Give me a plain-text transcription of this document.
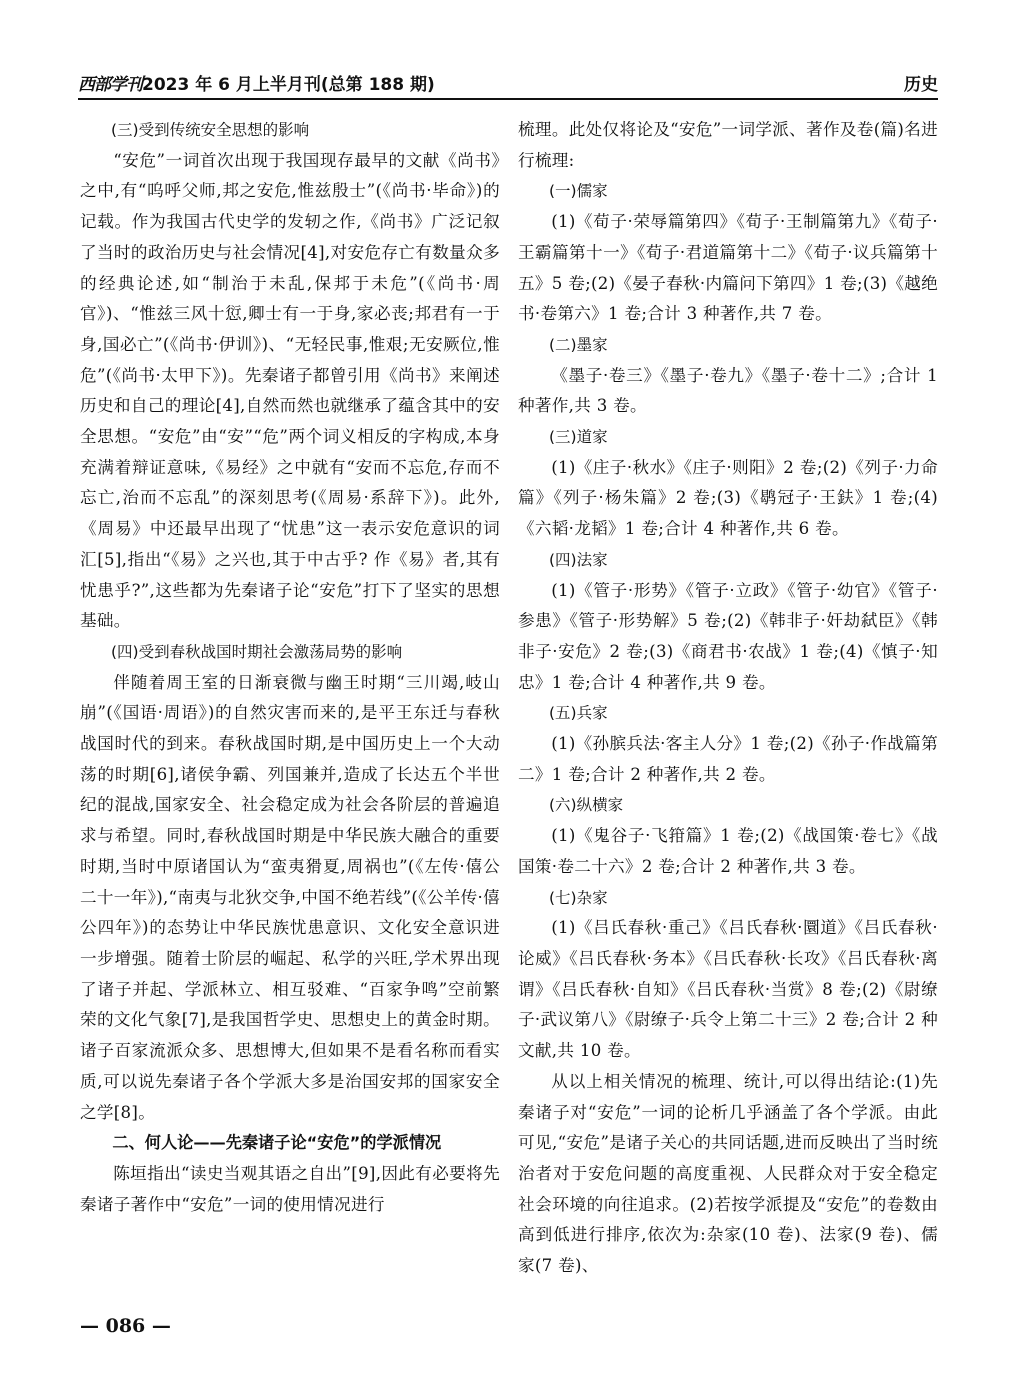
西部学刊2023 年 6 月上半月刊(总第 188 期)	历史

(三)受到传统安全思想的影响

“安危”一词首次出现于我国现存最早的文献《尚书》之中,有“呜呼父师,邦之安危,惟兹殷士”(《尚书·毕命》)的记载。作为我国古代史学的发轫之作,《尚书》广泛记叙了当时的政治历史与社会情况[4],对安危存亡有数量众多的经典论述,如“制治于未乱,保邦于未危”(《尚书·周官》)、“惟兹三风十愆,卿士有一于身,家必丧;邦君有一于身,国必亡”(《尚书·伊训》)、“无轻民事,惟艰;无安厥位,惟危”(《尚书·太甲下》)。先秦诸子都曾引用《尚书》来阐述历史和自己的理论[4],自然而然也就继承了蕴含其中的安全思想。“安危”由“安”“危”两个词义相反的字构成,本身充满着辩证意味,《易经》之中就有“安而不忘危,存而不忘亡,治而不忘乱”的深刻思考(《周易·系辞下》)。此外,《周易》中还最早出现了“忧患”这一表示安危意识的词汇[5],指出“《易》之兴也,其于中古乎? 作《易》者,其有忧患乎?”,这些都为先秦诸子论“安危”打下了坚实的思想基础。

(四)受到春秋战国时期社会激荡局势的影响

伴随着周王室的日渐衰微与幽王时期“三川竭,岐山崩”(《国语·周语》)的自然灾害而来的,是平王东迁与春秋战国时代的到来。春秋战国时期,是中国历史上一个大动荡的时期[6],诸侯争霸、列国兼并,造成了长达五个半世纪的混战,国家安全、社会稳定成为社会各阶层的普遍追求与希望。同时,春秋战国时期是中华民族大融合的重要时期,当时中原诸国认为“蛮夷猾夏,周祸也”(《左传·僖公二十一年》),“南夷与北狄交争,中国不绝若线”(《公羊传·僖公四年》)的态势让中华民族忧患意识、文化安全意识进一步增强。随着士阶层的崛起、私学的兴旺,学术界出现了诸子并起、学派林立、相互驳难、“百家争鸣”空前繁荣的文化气象[7],是我国哲学史、思想史上的黄金时期。诸子百家流派众多、思想博大,但如果不是看名称而看实质,可以说先秦诸子各个学派大多是治国安邦的国家安全之学[8]。

二、何人论——先秦诸子论“安危”的学派情况

陈垣指出“读史当观其语之自出”[9],因此有必要将先秦诸子著作中“安危”一词的使用情况进行

梳理。此处仅将论及“安危”一词学派、著作及卷(篇)名进行梳理:

(一)儒家

(1)《荀子·荣辱篇第四》《荀子·王制篇第九》《荀子·王霸篇第十一》《荀子·君道篇第十二》《荀子·议兵篇第十五》5 卷;(2)《晏子春秋·内篇问下第四》1 卷;(3)《越绝书·卷第六》1 卷;合计 3 种著作,共 7 卷。

(二)墨家

《墨子·卷三》《墨子·卷九》《墨子·卷十二》;合计 1 种著作,共 3 卷。

(三)道家

(1)《庄子·秋水》《庄子·则阳》2 卷;(2)《列子·力命篇》《列子·杨朱篇》2 卷;(3)《鹖冠子·王鈇》1 卷;(4)《六韬·龙韬》1 卷;合计 4 种著作,共 6 卷。

(四)法家

(1)《管子·形势》《管子·立政》《管子·幼官》《管子·参患》《管子·形势解》5 卷;(2)《韩非子·奸劫弑臣》《韩非子·安危》2 卷;(3)《商君书·农战》1 卷;(4)《慎子·知忠》1 卷;合计 4 种著作,共 9 卷。

(五)兵家

(1)《孙膑兵法·客主人分》1 卷;(2)《孙子·作战篇第二》1 卷;合计 2 种著作,共 2 卷。

(六)纵横家

(1)《鬼谷子·飞箝篇》1 卷;(2)《战国策·卷七》《战国策·卷二十六》2 卷;合计 2 种著作,共 3 卷。

(七)杂家

(1)《吕氏春秋·重己》《吕氏春秋·圜道》《吕氏春秋·论威》《吕氏春秋·务本》《吕氏春秋·长攻》《吕氏春秋·离谓》《吕氏春秋·自知》《吕氏春秋·当赏》8 卷;(2)《尉缭子·武议第八》《尉缭子·兵令上第二十三》2 卷;合计 2 种文献,共 10 卷。

从以上相关情况的梳理、统计,可以得出结论:(1)先秦诸子对“安危”一词的论析几乎涵盖了各个学派。由此可见,“安危”是诸子关心的共同话题,进而反映出了当时统治者对于安危问题的高度重视、人民群众对于安全稳定社会环境的向往追求。(2)若按学派提及“安危”的卷数由高到低进行排序,依次为:杂家(10 卷)、法家(9 卷)、儒家(7 卷)、

— 086 —
